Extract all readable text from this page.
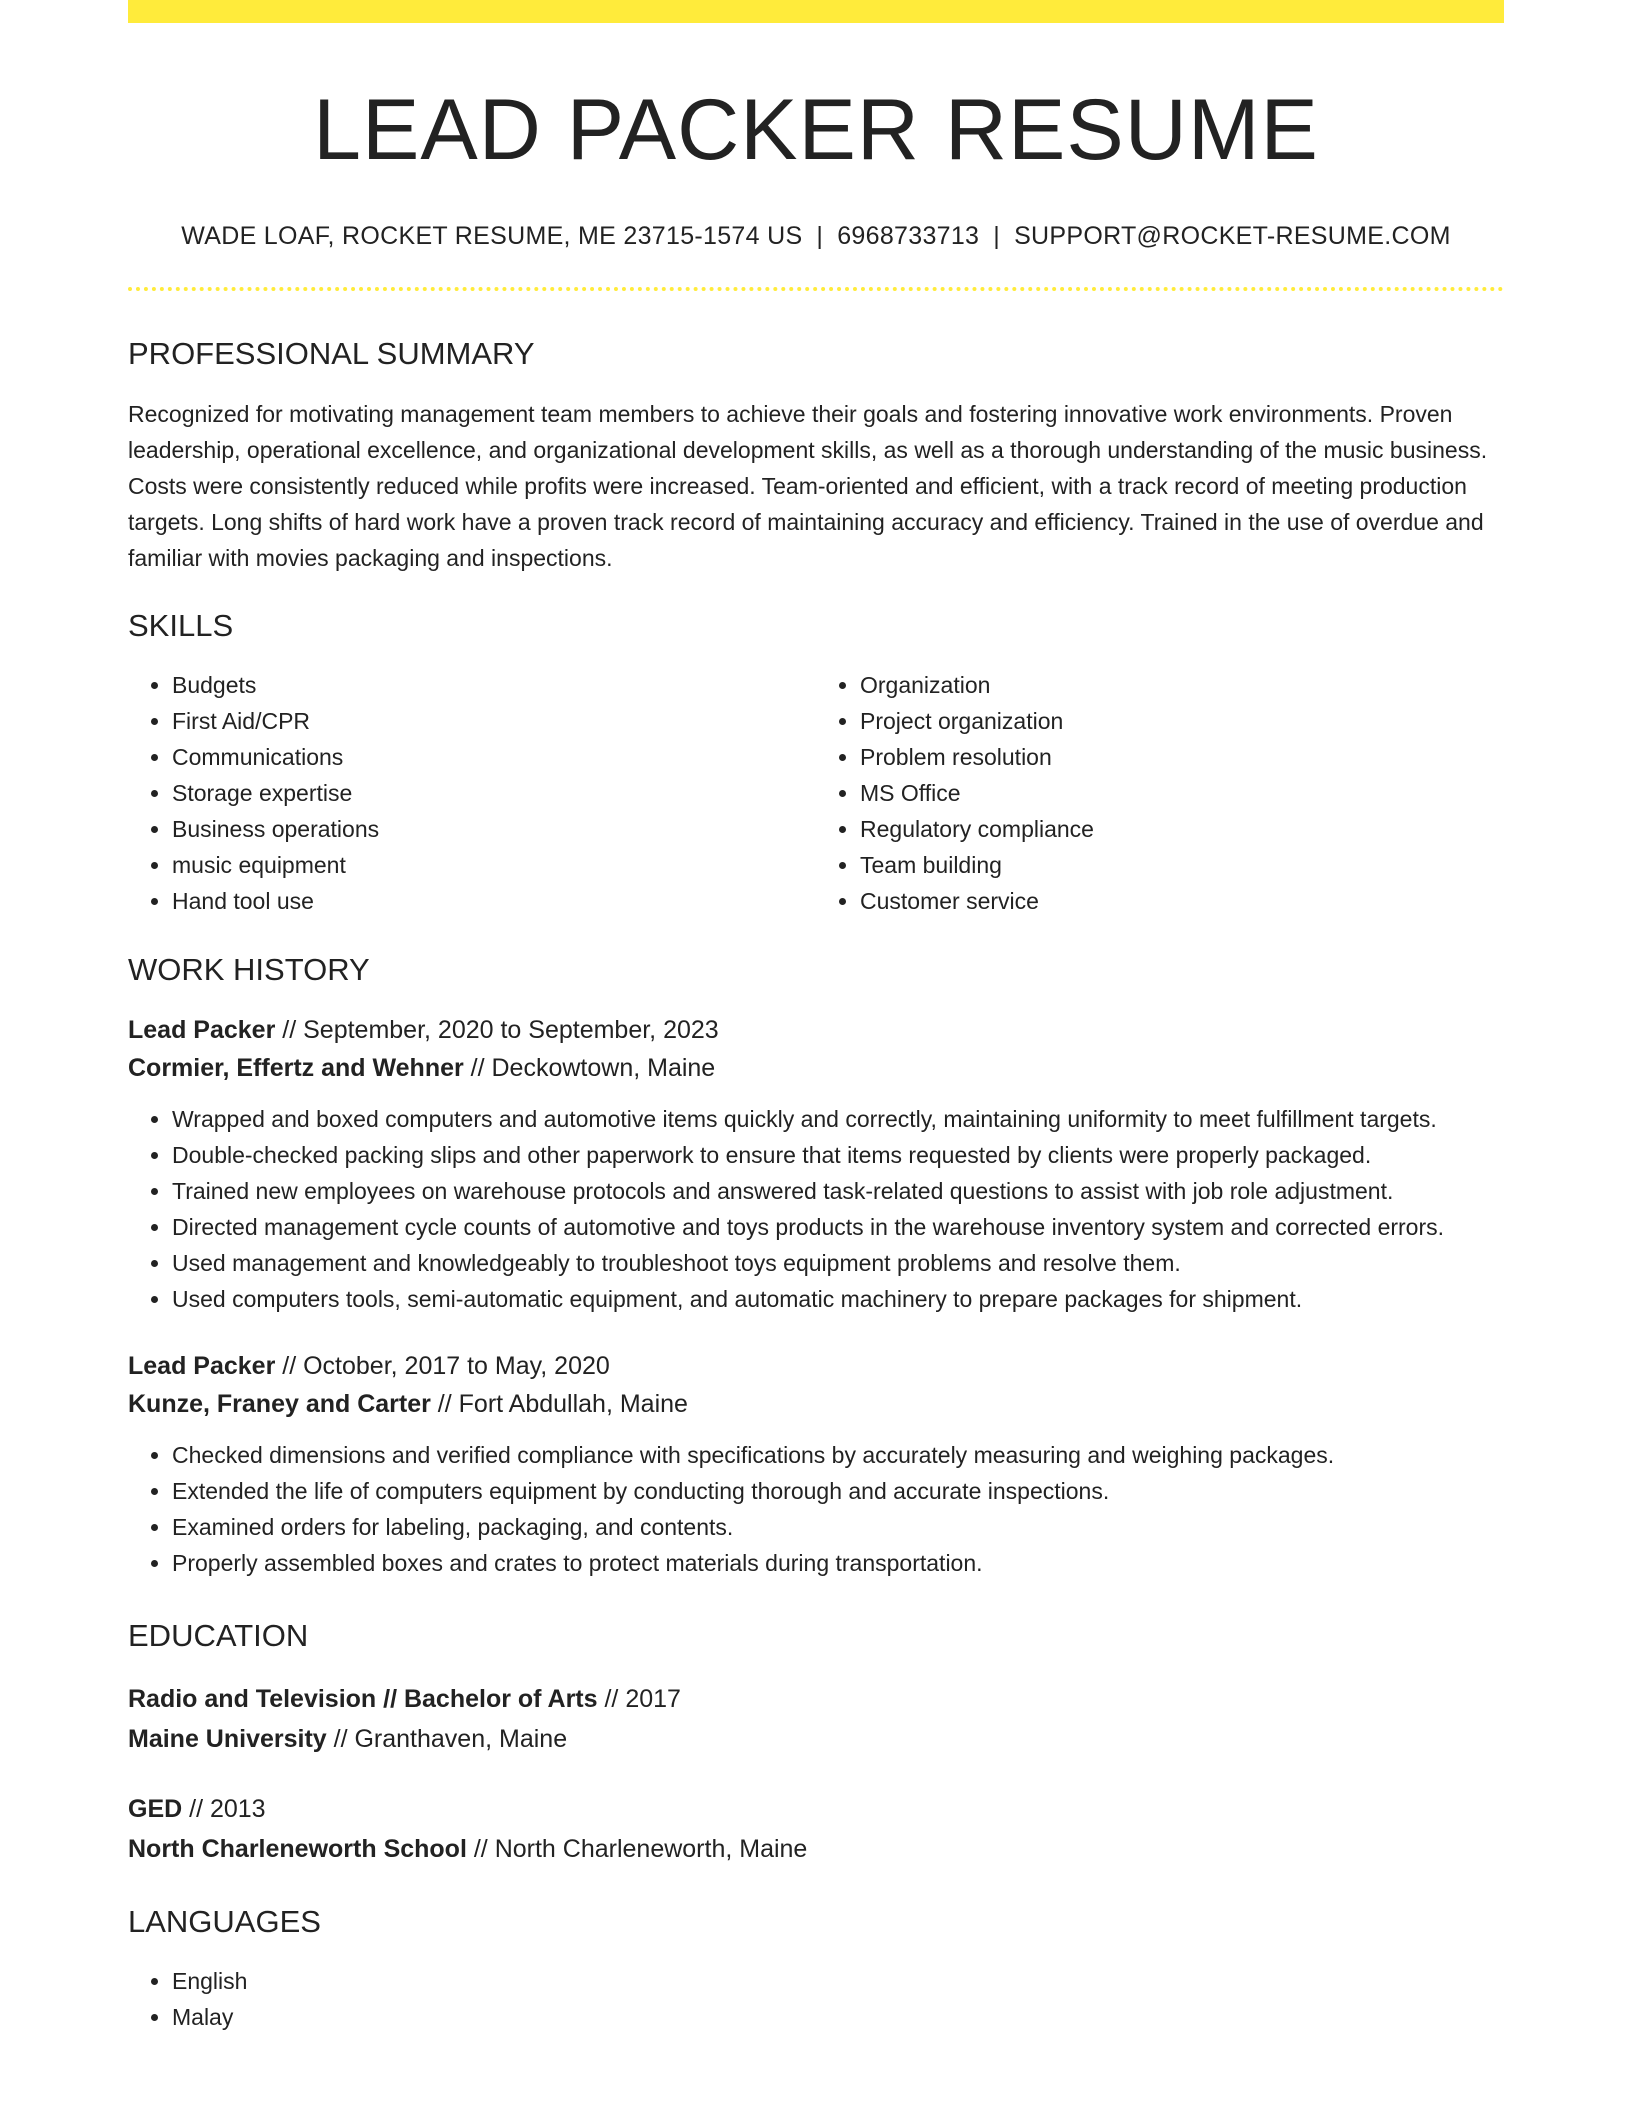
LEAD PACKER RESUME
WADE LOAF, ROCKET RESUME, ME 23715-1574 US | 6968733713 | SUPPORT@ROCKET-RESUME.COM
PROFESSIONAL SUMMARY

Recognized for motivating management team members to achieve their goals and fostering innovative work environments. Proven leadership, operational excellence, and organizational development skills, as well as a thorough understanding of the music business. Costs were consistently reduced while profits were increased. Team-oriented and efficient, with a track record of meeting production targets. Long shifts of hard work have a proven track record of maintaining accuracy and efficiency. Trained in the use of overdue and familiar with movies packaging and inspections.

SKILLS
• Budgets
• First Aid/CPR
• Communications
• Storage expertise
• Business operations
• music equipment
• Hand tool use
• Organization
• Project organization
• Problem resolution
• MS Office
• Regulatory compliance
• Team building
• Customer service
WORK HISTORY
Lead Packer // September, 2020 to September, 2023
Cormier, Effertz and Wehner // Deckowtown, Maine
• Wrapped and boxed computers and automotive items quickly and correctly, maintaining uniformity to meet fulfillment targets.
• Double-checked packing slips and other paperwork to ensure that items requested by clients were properly packaged.
• Trained new employees on warehouse protocols and answered task-related questions to assist with job role adjustment.
• Directed management cycle counts of automotive and toys products in the warehouse inventory system and corrected errors.
• Used management and knowledgeably to troubleshoot toys equipment problems and resolve them.
• Used computers tools, semi-automatic equipment, and automatic machinery to prepare packages for shipment.
Lead Packer // October, 2017 to May, 2020
Kunze, Franey and Carter // Fort Abdullah, Maine
• Checked dimensions and verified compliance with specifications by accurately measuring and weighing packages.
• Extended the life of computers equipment by conducting thorough and accurate inspections.
• Examined orders for labeling, packaging, and contents.
• Properly assembled boxes and crates to protect materials during transportation.
EDUCATION
Radio and Television // Bachelor of Arts // 2017
Maine University // Granthaven, Maine
GED // 2013
North Charleneworth School // North Charleneworth, Maine
LANGUAGES
• English
• Malay
